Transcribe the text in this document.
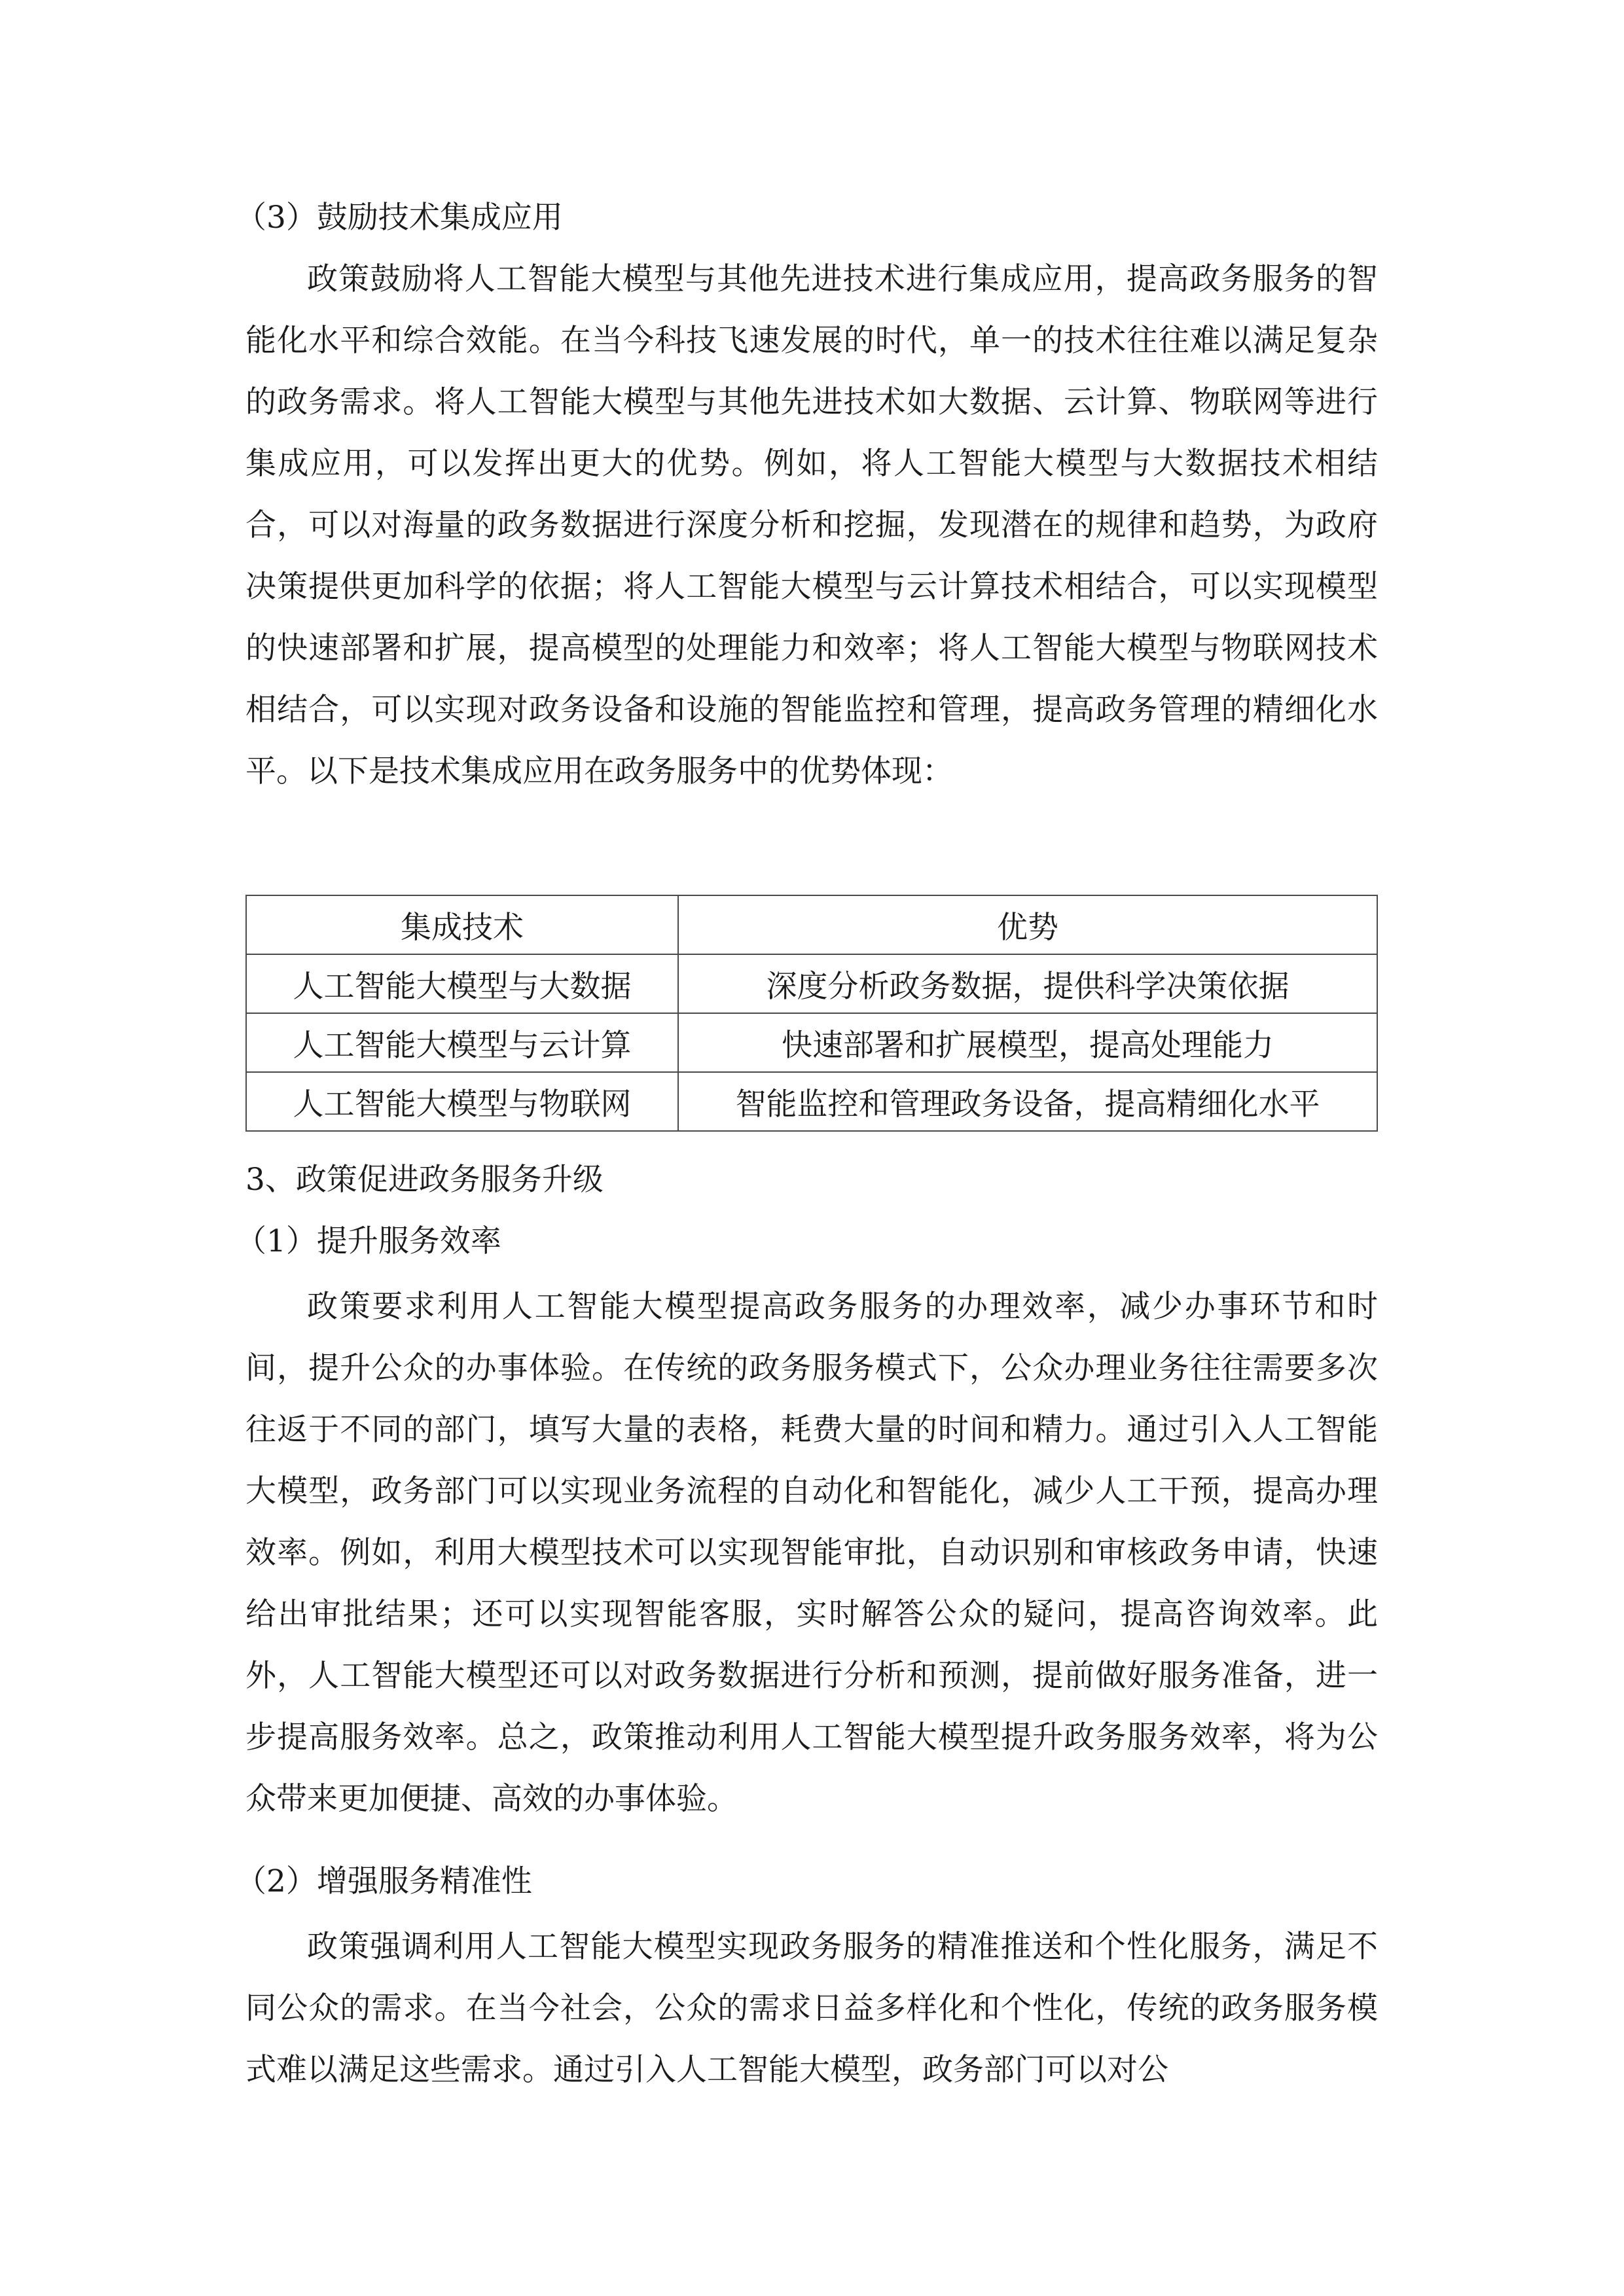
（3）鼓励技术集成应用

政策鼓励将人工智能大模型与其他先进技术进行集成应用，提高政务服务的智能化水平和综合效能。在当今科技飞速发展的时代，单一的技术往往难以满足复杂的政务需求。将人工智能大模型与其他先进技术如大数据、云计算、物联网等进行集成应用，可以发挥出更大的优势。例如，将人工智能大模型与大数据技术相结合，可以对海量的政务数据进行深度分析和挖掘，发现潜在的规律和趋势，为政府决策提供更加科学的依据；将人工智能大模型与云计算技术相结合，可以实现模型的快速部署和扩展，提高模型的处理能力和效率；将人工智能大模型与物联网技术相结合，可以实现对政务设备和设施的智能监控和管理，提高政务管理的精细化水平。以下是技术集成应用在政务服务中的优势体现：

集成技术	优势
人工智能大模型与大数据	深度分析政务数据，提供科学决策依据
人工智能大模型与云计算	快速部署和扩展模型，提高处理能力
人工智能大模型与物联网	智能监控和管理政务设备，提高精细化水平

3、政策促进政务服务升级

（1）提升服务效率

政策要求利用人工智能大模型提高政务服务的办理效率，减少办事环节和时间，提升公众的办事体验。在传统的政务服务模式下，公众办理业务往往需要多次往返于不同的部门，填写大量的表格，耗费大量的时间和精力。通过引入人工智能大模型，政务部门可以实现业务流程的自动化和智能化，减少人工干预，提高办理效率。例如，利用大模型技术可以实现智能审批，自动识别和审核政务申请，快速给出审批结果；还可以实现智能客服，实时解答公众的疑问，提高咨询效率。此外，人工智能大模型还可以对政务数据进行分析和预测，提前做好服务准备，进一步提高服务效率。总之，政策推动利用人工智能大模型提升政务服务效率，将为公众带来更加便捷、高效的办事体验。

（2）增强服务精准性

政策强调利用人工智能大模型实现政务服务的精准推送和个性化服务，满足不同公众的需求。在当今社会，公众的需求日益多样化和个性化，传统的政务服务模式难以满足这些需求。通过引入人工智能大模型，政务部门可以对公
